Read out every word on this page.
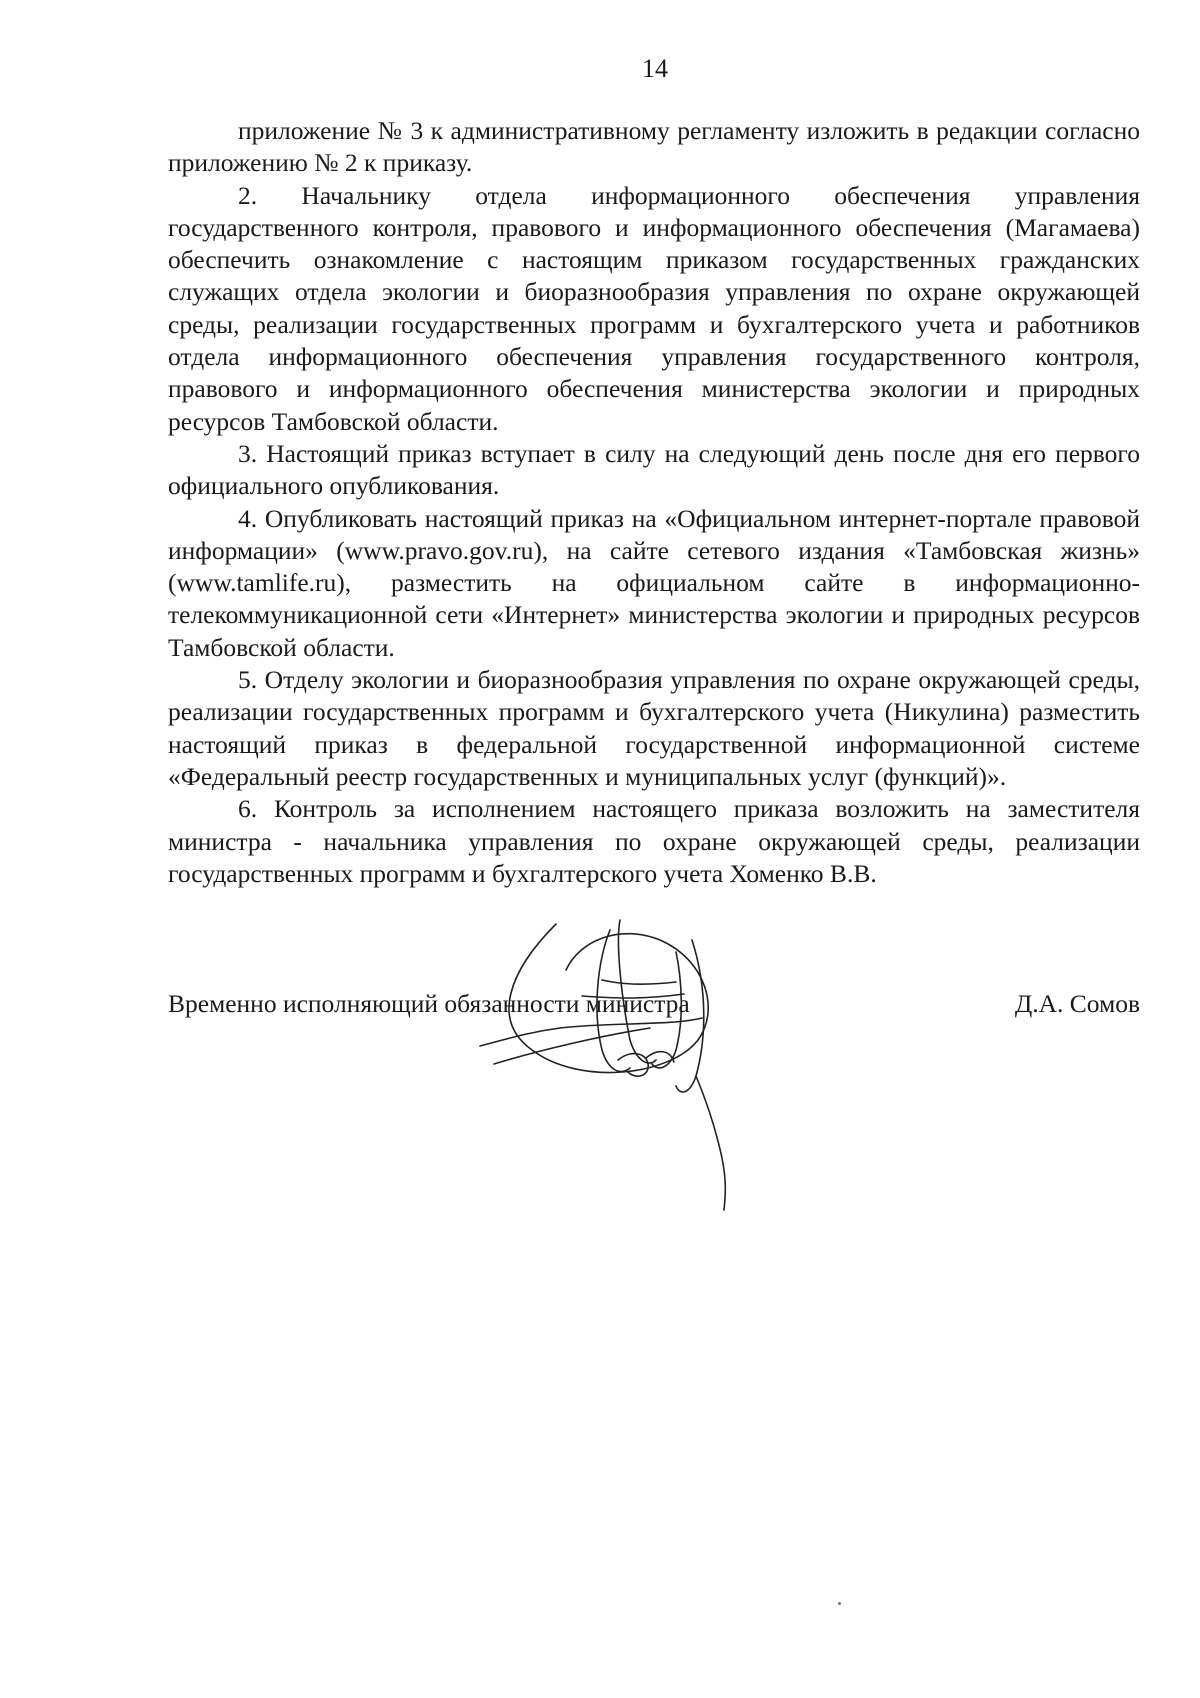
14

приложение № 3 к административному регламенту изложить в редакции согласно приложению № 2 к приказу.

2. Начальнику отдела информационного обеспечения управления государственного контроля, правового и информационного обеспечения (Магамаева) обеспечить ознакомление с настоящим приказом государственных гражданских служащих отдела экологии и биоразнообразия управления по охране окружающей среды, реализации государственных программ и бухгалтерского учета и работников отдела информационного обеспечения управления государственного контроля, правового и информационного обеспечения министерства экологии и природных ресурсов Тамбовской области.

3. Настоящий приказ вступает в силу на следующий день после дня его первого официального опубликования.

4. Опубликовать настоящий приказ на «Официальном интернет-портале правовой информации» (www.pravo.gov.ru), на сайте сетевого издания «Тамбовская жизнь» (www.tamlife.ru), разместить на официальном сайте в информационно-телекоммуникационной сети «Интернет» министерства экологии и природных ресурсов Тамбовской области.

5. Отделу экологии и биоразнообразия управления по охране окружающей среды, реализации государственных программ и бухгалтерского учета (Никулина) разместить настоящий приказ в федеральной государственной информационной системе «Федеральный реестр государственных и муниципальных услуг (функций)».

6. Контроль за исполнением настоящего приказа возложить на заместителя министра - начальника управления по охране окружающей среды, реализации государственных программ и бухгалтерского учета Хоменко В.В.

Временно исполняющий обязанности министра	Д.А. Сомов
